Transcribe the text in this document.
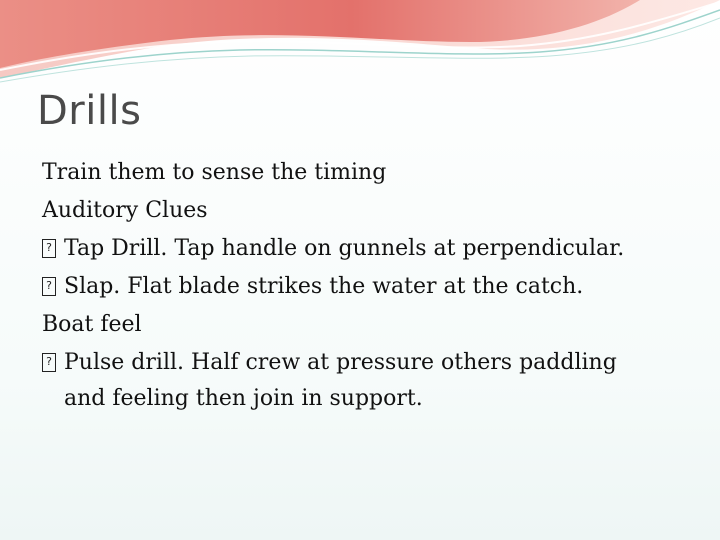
Drills
Train them to sense the timing
Auditory Clues
? Tap Drill. Tap handle on gunnels at perpendicular.
? Slap. Flat blade strikes the water at the catch.
Boat feel
? Pulse drill. Half crew at pressure others paddling
and feeling then join in support.
